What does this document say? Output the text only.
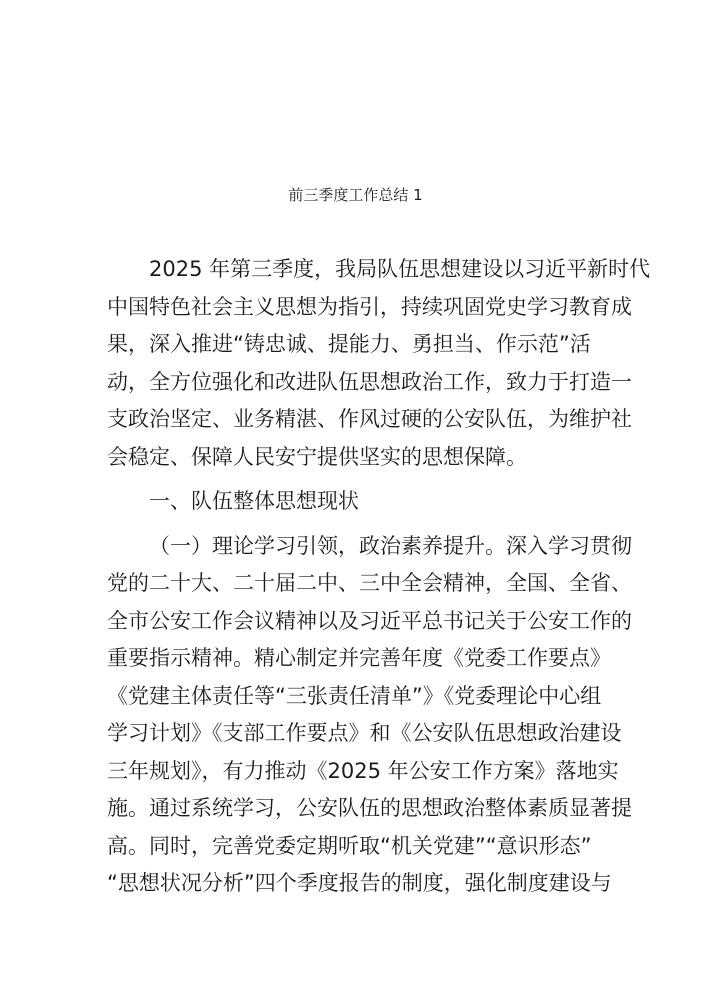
前三季度工作总结 1
2025 年第三季度，我局队伍思想建设以习近平新时代
中国特色社会主义思想为指引，持续巩固党史学习教育成
果，深入推进“铸忠诚、提能力、勇担当、作示范”活
动，全方位强化和改进队伍思想政治工作，致力于打造一
支政治坚定、业务精湛、作风过硬的公安队伍，为维护社
会稳定、保障人民安宁提供坚实的思想保障。
一、队伍整体思想现状
（一）理论学习引领，政治素养提升。深入学习贯彻
党的二十大、二十届二中、三中全会精神，全国、全省、
全市公安工作会议精神以及习近平总书记关于公安工作的
重要指示精神。精心制定并完善年度《党委工作要点》
《党建主体责任等“三张责任清单”》《党委理论中心组
学习计划》《支部工作要点》和《公安队伍思想政治建设
三年规划》，有力推动《2025 年公安工作方案》落地实
施。通过系统学习，公安队伍的思想政治整体素质显著提
高。同时，完善党委定期听取“机关党建”“意识形态”
“思想状况分析”四个季度报告的制度，强化制度建设与
